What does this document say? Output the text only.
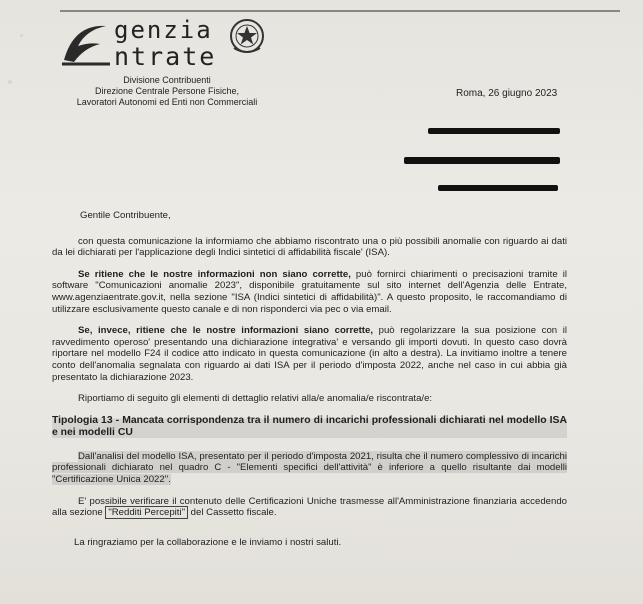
genzia
ntrate
Divisione Contribuenti
Direzione Centrale Persone Fisiche,
Lavoratori Autonomi ed Enti non Commerciali
Roma, 26 giugno 2023

Gentile Contribuente,

con questa comunicazione la informiamo che abbiamo riscontrato una o più possibili anomalie con riguardo ai dati da lei dichiarati per l'applicazione degli Indici sintetici di affidabilità fiscale' (ISA).

Se ritiene che le nostre informazioni non siano corrette, può fornirci chiarimenti o precisazioni tramite il software "Comunicazioni anomalie 2023", disponibile gratuitamente sul sito internet dell'Agenzia delle Entrate, www.agenziaentrate.gov.it, nella sezione "ISA (Indici sintetici di affidabilità)". A questo proposito, le raccomandiamo di utilizzare esclusivamente questo canale e di non risponderci via pec o via email.

Se, invece, ritiene che le nostre informazioni siano corrette, può regolarizzare la sua posizione con il ravvedimento operoso' presentando una dichiarazione integrativa' e versando gli importi dovuti. In questo caso dovrà riportare nel modello F24 il codice atto indicato in questa comunicazione (in alto a destra). La invitiamo inoltre a tenere conto dell'anomalia segnalata con riguardo ai dati ISA per il periodo d'imposta 2022, anche nel caso in cui abbia già presentato la dichiarazione 2023.

Riportiamo di seguito gli elementi di dettaglio relativi alla/e anomalia/e riscontrata/e:

Tipologia 13 - Mancata corrispondenza tra il numero di incarichi professionali dichiarati nel modello ISA e nei modelli CU

Dall'analisi del modello ISA, presentato per il periodo d'imposta 2021, risulta che il numero complessivo di incarichi professionali dichiarato nel quadro C - "Elementi specifici dell'attività" è inferiore a quello risultante dai modelli "Certificazione Unica 2022".

E' possibile verificare il contenuto delle Certificazioni Uniche trasmesse all'Amministrazione finanziaria accedendo alla sezione "Redditi Percepiti" del Cassetto fiscale.

La ringraziamo per la collaborazione e le inviamo i nostri saluti.
